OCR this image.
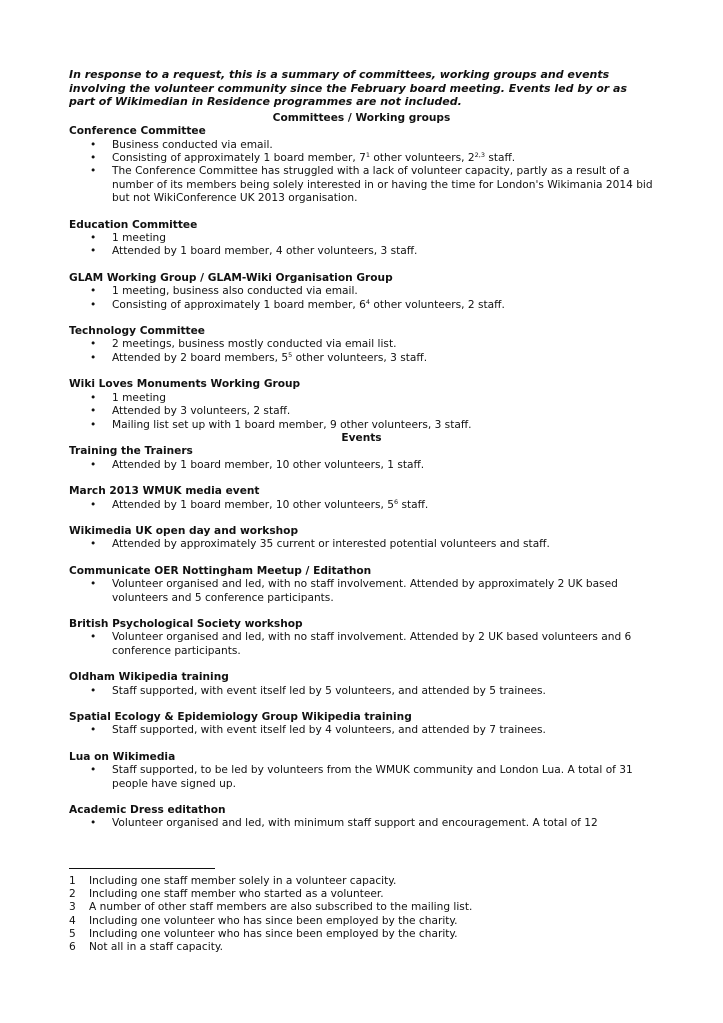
In response to a request, this is a summary of committees, working groups and events involving the volunteer community since the February board meeting. Events led by or as part of Wikimedian in Residence programmes are not included.

Committees / Working groups

Conference Committee

• Business conducted via email.
• Consisting of approximately 1 board member, $7^1$ other volunteers, 2$^{2,3}$ staff.
• The Conference Committee has struggled with a lack of volunteer capacity, partly as a result of a number of its members being solely interested in or having the time for London's Wikimania 2014 bid but not WikiConference UK 2013 organisation.

Education Committee

• 1 meeting
• Attended by 1 board member, 4 other volunteers, 3 staff.

GLAM Working Group / GLAM-Wiki Organisation Group

• 1 meeting, business also conducted via email.
• Consisting of approximately 1 board member, $6^4$ other volunteers, 2 staff.

Technology Committee

• 2 meetings, business mostly conducted via email list.
• Attended by 2 board members, $5^5$ other volunteers, 3 staff.

Wiki Loves Monuments Working Group

• 1 meeting
• Attended by 3 volunteers, 2 staff.
• Mailing list set up with 1 board member, 9 other volunteers, 3 staff.

Events

Training the Trainers

• Attended by 1 board member, 10 other volunteers, 1 staff.

March 2013 WMUK media event

• Attended by 1 board member, 10 other volunteers, $5^6$ staff.

Wikimedia UK open day and workshop

• Attended by approximately 35 current or interested potential volunteers and staff.

Communicate OER Nottingham Meetup / Editathon

• Volunteer organised and led, with no staff involvement. Attended by approximately 2 UK based volunteers and 5 conference participants.

British Psychological Society workshop

• Volunteer organised and led, with no staff involvement. Attended by 2 UK based volunteers and 6 conference participants.

Oldham Wikipedia training

• Staff supported, with event itself led by 5 volunteers, and attended by 5 trainees.

Spatial Ecology & Epidemiology Group Wikipedia training

• Staff supported, with event itself led by 4 volunteers, and attended by 7 trainees.

Lua on Wikimedia

• Staff supported, to be led by volunteers from the WMUK community and London Lua. A total of 31 people have signed up.

Academic Dress editathon

• Volunteer organised and led, with minimum staff support and encouragement. A total of 12
1 Including one staff member solely in a volunteer capacity.
2 Including one staff member who started as a volunteer.
3 A number of other staff members are also subscribed to the mailing list.
4 Including one volunteer who has since been employed by the charity.
5 Including one volunteer who has since been employed by the charity.
6 Not all in a staff capacity.
